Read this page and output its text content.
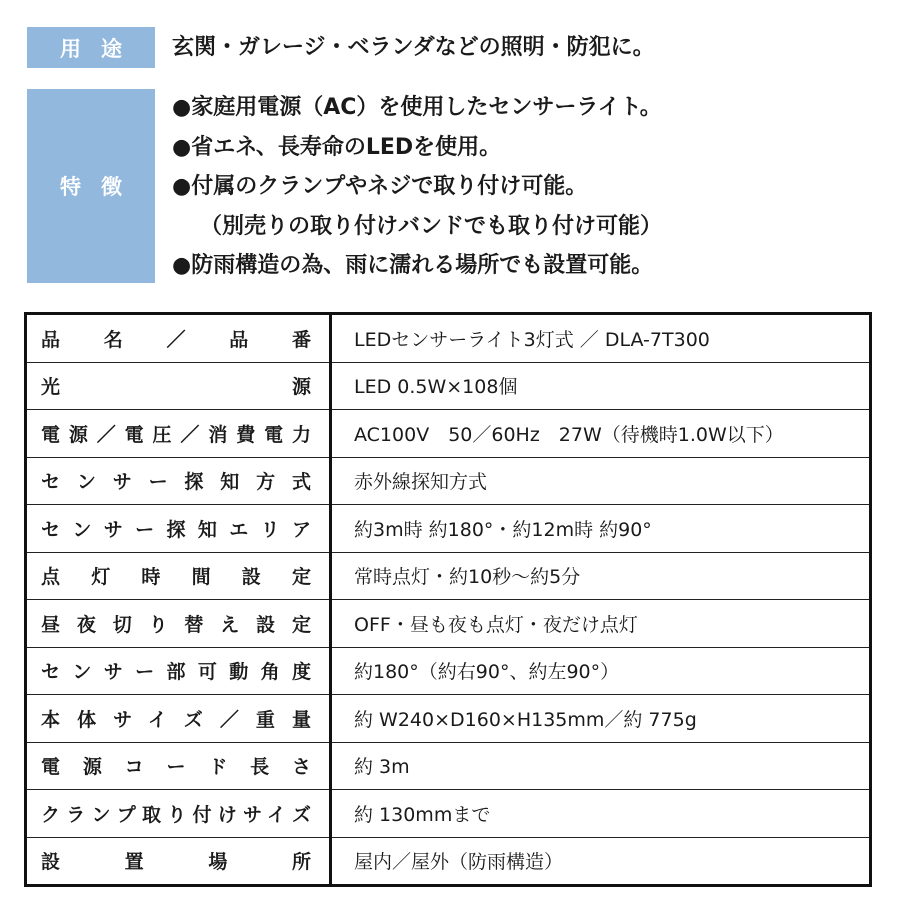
用途	玄関・ガレージ・ベランダなどの照明・防犯に。
特徴
●家庭用電源（AC）を使用したセンサーライト。
●省エネ、長寿命のLEDを使用。
●付属のクランプやネジで取り付け可能。
（別売りの取り付けバンドでも取り付け可能）
●防雨構造の為、雨に濡れる場所でも設置可能。
品名／品番	LEDセンサーライト3灯式 ／ DLA-7T300
光源	LED 0.5W×108個
電源／電圧／消費電力	AC100V　50／60Hz　27W（待機時1.0W以下）
センサー探知方式	赤外線探知方式
センサー探知エリア	約3m時 約180°・約12m時 約90°
点灯時間設定	常時点灯・約10秒～約5分
昼夜切り替え設定	OFF・昼も夜も点灯・夜だけ点灯
センサー部可動角度	約180°（約右90°、約左90°）
本体サイズ／重量	約 W240×D160×H135mm／約 775g
電源コード長さ	約 3m
クランプ取り付けサイズ	約 130mmまで
設置場所	屋内／屋外（防雨構造）
